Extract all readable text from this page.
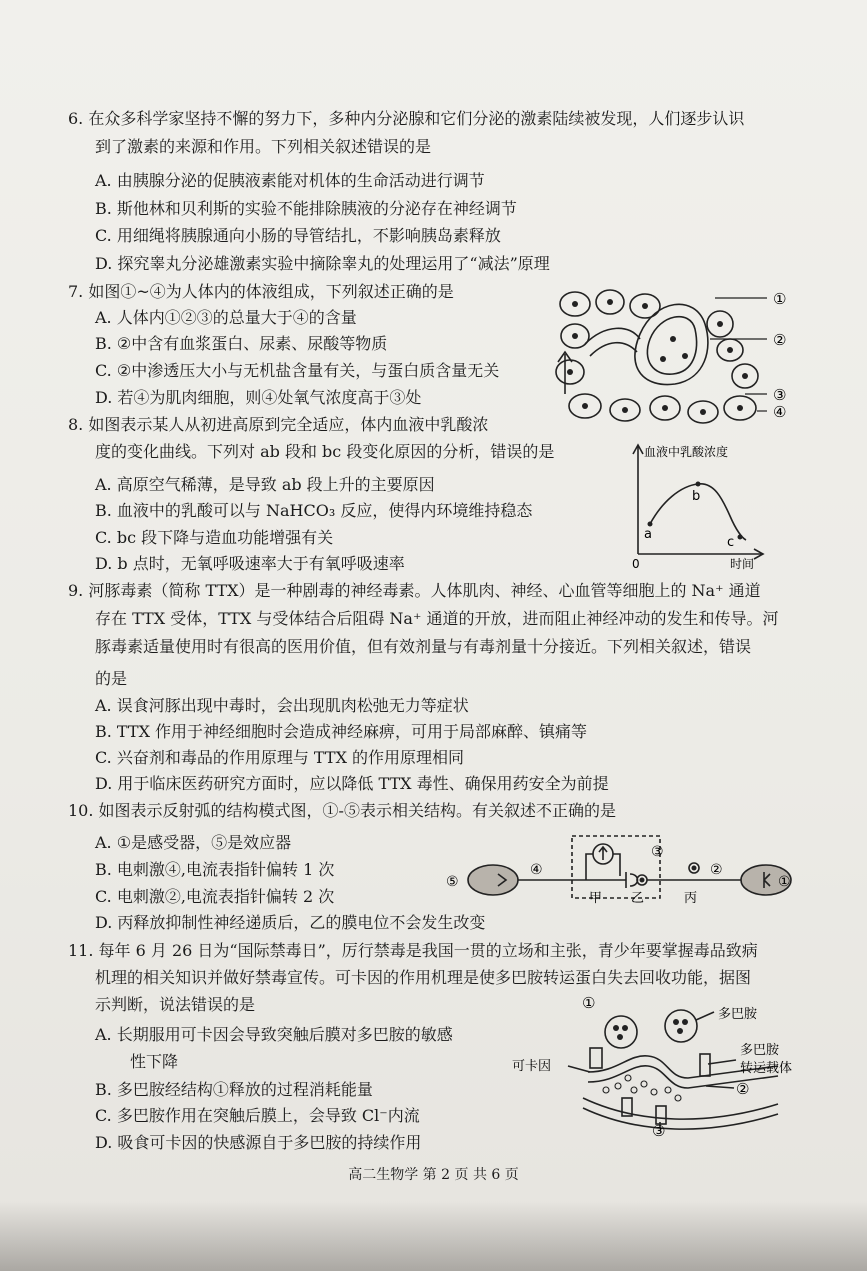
6. 在众多科学家坚持不懈的努力下，多种内分泌腺和它们分泌的激素陆续被发现，人们逐步认识
到了激素的来源和作用。下列相关叙述错误的是
A. 由胰腺分泌的促胰液素能对机体的生命活动进行调节
B. 斯他林和贝利斯的实验不能排除胰液的分泌存在神经调节
C. 用细绳将胰腺通向小肠的导管结扎，不影响胰岛素释放
D. 探究睾丸分泌雄激素实验中摘除睾丸的处理运用了“减法”原理
7. 如图①~④为人体内的体液组成，下列叙述正确的是
A. 人体内①②③的总量大于④的含量
B. ②中含有血浆蛋白、尿素、尿酸等物质
C. ②中渗透压大小与无机盐含量有关，与蛋白质含量无关
D. 若④为肌肉细胞，则④处氧气浓度高于③处
①
②
③
④
8. 如图表示某人从初进高原到完全适应，体内血液中乳酸浓
度的变化曲线。下列对 ab 段和 bc 段变化原因的分析，错误的是
A. 高原空气稀薄，是导致 ab 段上升的主要原因
B. 血液中的乳酸可以与 NaHCO₃ 反应，使得内环境维持稳态
C. bc 段下降与造血功能增强有关
D. b 点时，无氧呼吸速率大于有氧呼吸速率
血液中乳酸浓度
时间
0
a
b
c
9. 河豚毒素（简称 TTX）是一种剧毒的神经毒素。人体肌肉、神经、心血管等细胞上的 Na⁺ 通道
存在 TTX 受体，TTX 与受体结合后阻碍 Na⁺ 通道的开放，进而阻止神经冲动的发生和传导。河
豚毒素适量使用时有很高的医用价值，但有效剂量与有毒剂量十分接近。下列相关叙述，错误
的是
A. 误食河豚出现中毒时，会出现肌肉松弛无力等症状
B. TTX 作用于神经细胞时会造成神经麻痹，可用于局部麻醉、镇痛等
C. 兴奋剂和毒品的作用原理与 TTX 的作用原理相同
D. 用于临床医药研究方面时，应以降低 TTX 毒性、确保用药安全为前提
10. 如图表示反射弧的结构模式图，①-⑤表示相关结构。有关叙述不正确的是
A. ①是感受器，⑤是效应器
B. 电刺激④,电流表指针偏转 1 次
C. 电刺激②,电流表指针偏转 2 次
D. 丙释放抑制性神经递质后，乙的膜电位不会发生改变
⑤
④
③
②
①
甲 乙	丙
11. 每年 6 月 26 日为“国际禁毒日”，厉行禁毒是我国一贯的立场和主张，青少年要掌握毒品致病
机理的相关知识并做好禁毒宣传。可卡因的作用机理是使多巴胺转运蛋白失去回收功能，据图
示判断，说法错误的是
A. 长期服用可卡因会导致突触后膜对多巴胺的敏感
性下降
B. 多巴胺经结构①释放的过程消耗能量
C. 多巴胺作用在突触后膜上，会导致 Cl⁻内流
D. 吸食可卡因的快感源自于多巴胺的持续作用
①
多巴胺
可卡因
多巴胺
转运载体
②
③
高二生物学 第 2 页 共 6 页
